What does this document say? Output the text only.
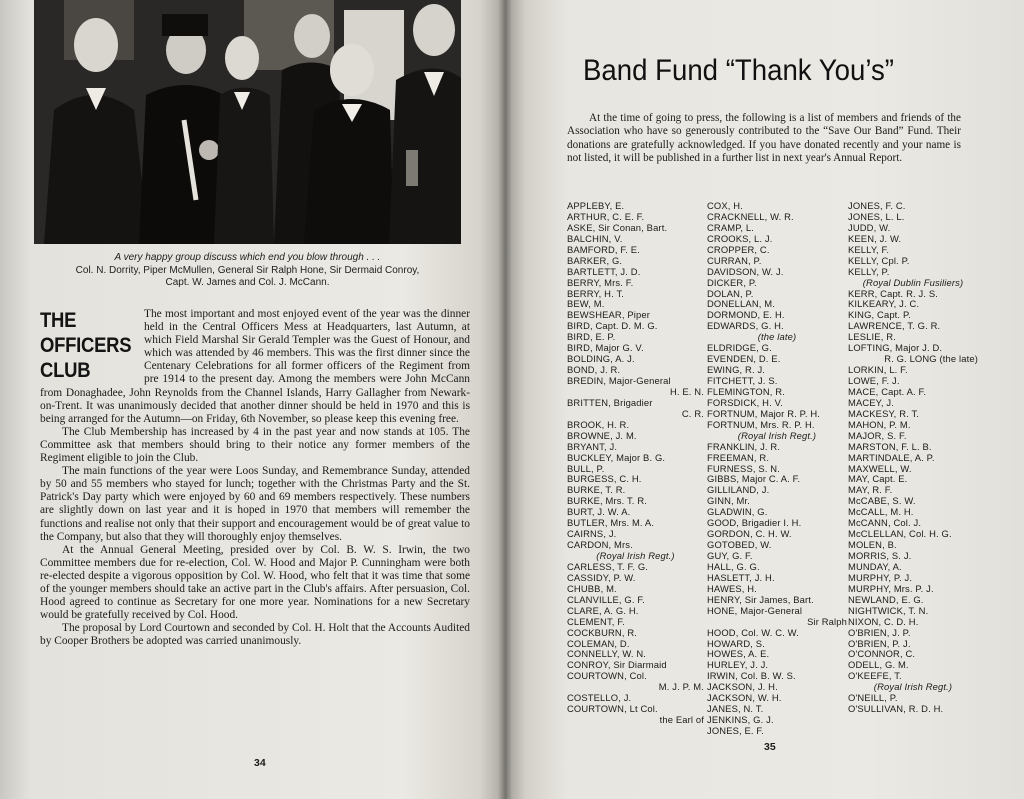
A very happy group discuss which end you blow through . . .
Col. N. Dorrity, Piper McMullen, General Sir Ralph Hone, Sir Dermaid Conroy,
Capt. W. James and Col. J. McCann.
THE
OFFICERS
CLUB

The most important and most enjoyed event of the year was the dinner held in the Central Officers Mess at Headquarters, last Autumn, at which Field Marshal Sir Gerald Templer was the Guest of Honour, and which was attended by 46 members. This was the first dinner since the Centenary Celebrations for all former officers of the Regiment from pre 1914 to the present day. Among the members were John McCann from Donaghadee, John Reynolds from the Channel Islands, Harry Gallagher from Newark-on-Trent. It was unanimously decided that another dinner should be held in 1970 and this is being arranged for the Autumn—on Friday, 6th November, so please keep this evening free.

The Club Membership has increased by 4 in the past year and now stands at 105. The Committee ask that members should bring to their notice any former members of the Regiment eligible to join the Club.

The main functions of the year were Loos Sunday, and Remembrance Sunday, attended by 50 and 55 members who stayed for lunch; together with the Christmas Party and the St. Patrick's Day party which were enjoyed by 60 and 69 members respectively. These numbers are slightly down on last year and it is hoped in 1970 that members will remember the functions and realise not only that their support and encouragement would be of great value to the Company, but also that they will thoroughly enjoy themselves.

At the Annual General Meeting, presided over by Col. B. W. S. Irwin, the two Committee members due for re-election, Col. W. Hood and Major P. Cunningham were both re-elected despite a vigorous opposition by Col. W. Hood, who felt that it was time that some of the younger members should take an active part in the Club's affairs. After persuasion, Col. Hood agreed to continue as Secretary for one more year. Nominations for a new Secretary would be gratefully received by Col. Hood.

The proposal by Lord Courtown and seconded by Col. H. Holt that the Accounts Audited by Cooper Brothers be adopted was carried unanimously.

34
Band Fund “Thank You’s”

At the time of going to press, the following is a list of members and friends of the Association who have so generously contributed to the “Save Our Band” Fund. Their donations are gratefully acknowledged. If you have donated recently and your name is not listed, it will be published in a further list in next year's Annual Report.

APPLEBY, E.
ARTHUR, C. E. F.
ASKE, Sir Conan, Bart.
BALCHIN, V.
BAMFORD, F. E.
BARKER, G.
BARTLETT, J. D.
BERRY, Mrs. F.
BERRY, H. T.
BEW, M.
BEWSHEAR, Piper
BIRD, Capt. D. M. G.
BIRD, E. P.
BIRD, Major G. V.
BOLDING, A. J.
BOND, J. R.
BREDIN, Major-General
H. E. N.
BRITTEN, Brigadier
C. R.
BROOK, H. R.
BROWNE, J. M.
BRYANT, J.
BUCKLEY, Major B. G.
BULL, P.
BURGESS, C. H.
BURKE, T. R.
BURKE, Mrs. T. R.
BURT, J. W. A.
BUTLER, Mrs. M. A.
CAIRNS, J.
CARDON, Mrs.
(Royal Irish Regt.)
CARLESS, T. F. G.
CASSIDY, P. W.
CHUBB, M.
CLANVILLE, G. F.
CLARE, A. G. H.
CLEMENT, F.
COCKBURN, R.
COLEMAN, D.
CONNELLY, W. N.
CONROY, Sir Diarmaid
COURTOWN, Col.
M. J. P. M.
COSTELLO, J.
COURTOWN, Lt Col.
the Earl of
COX, H.
CRACKNELL, W. R.
CRAMP, L.
CROOKS, L. J.
CROPPER, C.
CURRAN, P.
DAVIDSON, W. J.
DICKER, P.
DOLAN, P.
DONELLAN, M.
DORMOND, E. H.
EDWARDS, G. H.
(the late)
ELDRIDGE, G.
EVENDEN, D. E.
EWING, R. J.
FITCHETT, J. S.
FLEMINGTON, R.
FORSDICK, H. V.
FORTNUM, Major R. P. H.
FORTNUM, Mrs. R. P. H.
(Royal Irish Regt.)
FRANKLIN, J. R.
FREEMAN, R.
FURNESS, S. N.
GIBBS, Major C. A. F.
GILLILAND, J.
GINN, Mr.
GLADWIN, G.
GOOD, Brigadier I. H.
GORDON, C. H. W.
GOTOBED, W.
GUY, G. F.
HALL, G. G.
HASLETT, J. H.
HAWES, H.
HENRY, Sir James, Bart.
HONE, Major-General
Sir Ralph
HOOD, Col. W. C. W.
HOWARD, S.
HOWES, A. E.
HURLEY, J. J.
IRWIN, Col. B. W. S.
JACKSON, J. H.
JACKSON, W. H.
JANES, N. T.
JENKINS, G. J.
JONES, E. F.
JONES, F. C.
JONES, L. L.
JUDD, W.
KEEN, J. W.
KELLY, F.
KELLY, Cpl. P.
KELLY, P.
(Royal Dublin Fusiliers)
KERR, Capt. R. J. S.
KILKEARY, J. C.
KING, Capt. P.
LAWRENCE, T. G. R.
LESLIE, R.
LOFTING, Major J. D.
R. G. LONG (the late)
LORKIN, L. F.
LOWE, F. J.
MACE, Capt. A. F.
MACEY, J.
MACKESY, R. T.
MAHON, P. M.
MAJOR, S. F.
MARSTON, F. L. B.
MARTINDALE, A. P.
MAXWELL, W.
MAY, Capt. E.
MAY, R. F.
McCABE, S. W.
McCALL, M. H.
McCANN, Col. J.
McCLELLAN, Col. H. G.
MOLEN, B.
MORRIS, S. J.
MUNDAY, A.
MURPHY, P. J.
MURPHY, Mrs. P. J.
NEWLAND, E. G.
NIGHTWICK, T. N.
NIXON, C. D. H.
O'BRIEN, J. P.
O'BRIEN, P. J.
O'CONNOR, C.
ODELL, G. M.
O'KEEFE, T.
(Royal Irish Regt.)
O'NEILL, P.
O'SULLIVAN, R. D. H.
35
